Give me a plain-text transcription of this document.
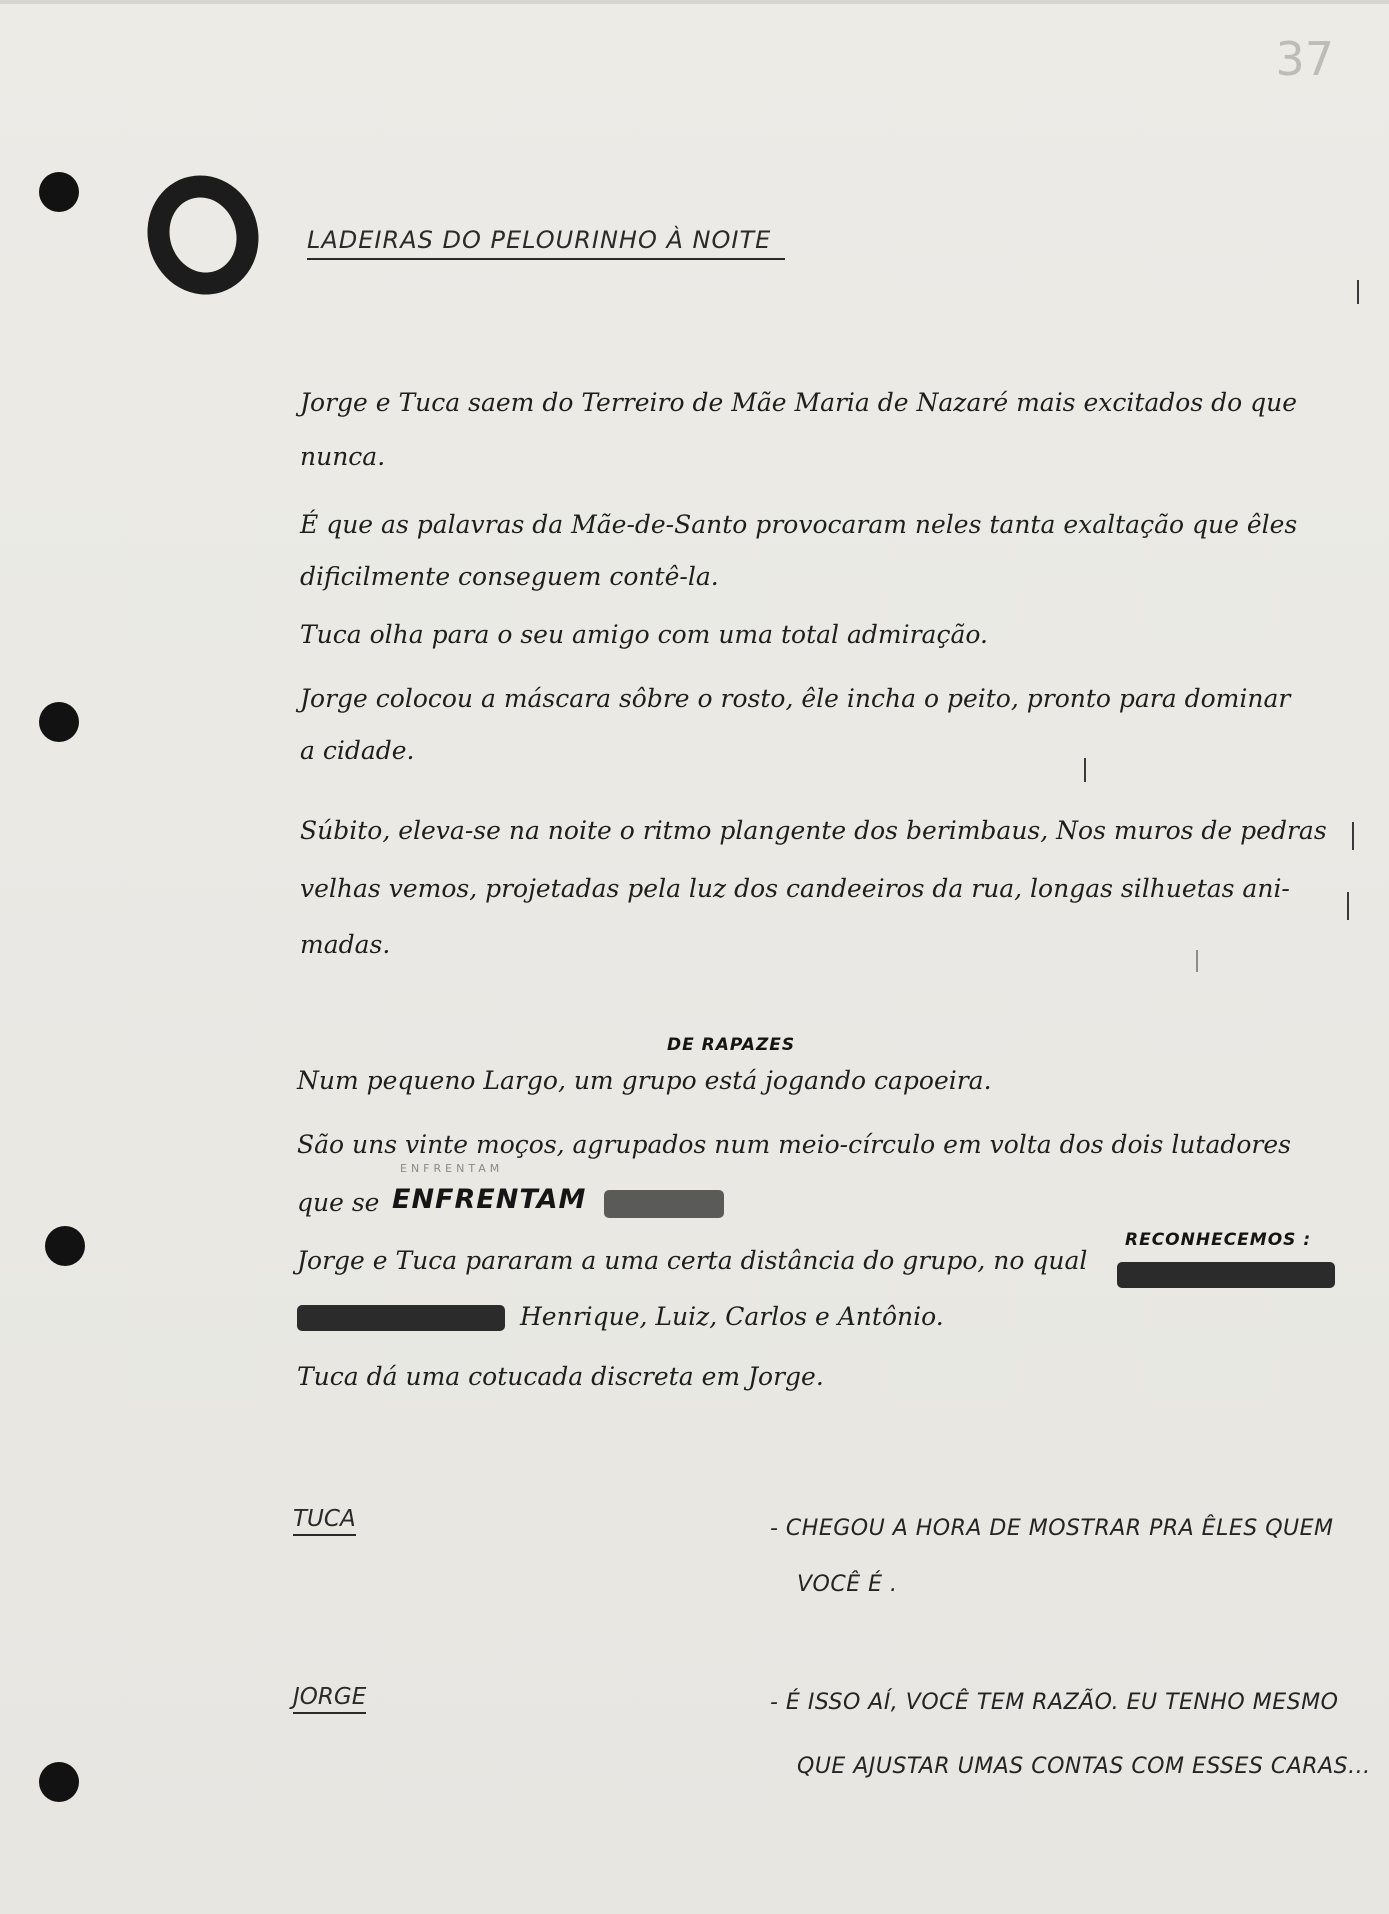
37
LADEIRAS DO PELOURINHO À NOITE
Jorge e Tuca saem do Terreiro de Mãe Maria de Nazaré mais excitados do que
nunca.
É que as palavras da Mãe-de-Santo provocaram neles tanta exaltação que êles
dificilmente conseguem contê-la.
Tuca olha para o seu amigo com uma total admiração.
Jorge colocou a máscara sôbre o rosto, êle incha o peito, pronto para dominar
a cidade.
Súbito, eleva-se na noite o ritmo plangente dos berimbaus, Nos muros de pedras
velhas vemos, projetadas pela luz dos candeeiros da rua, longas silhuetas ani-
madas.
DE RAPAZES
Num pequeno Largo, um grupo está jogando capoeira.
São uns vinte moços, agrupados num meio-círculo em volta dos dois lutadores
ENFRENTAM
que se ENFRENTAM
Jorge e Tuca pararam a uma certa distância do grupo, no qual
RECONHECEMOS :
Henrique, Luiz, Carlos e Antônio.
Tuca dá uma cotucada discreta em Jorge.
TUCA	- CHEGOU A HORA DE MOSTRAR PRA ÊLES QUEM
VOCÊ É .
JORGE	- É ISSO AÍ, VOCÊ TEM RAZÃO. EU TENHO MESMO
QUE AJUSTAR UMAS CONTAS COM ESSES CARAS...
